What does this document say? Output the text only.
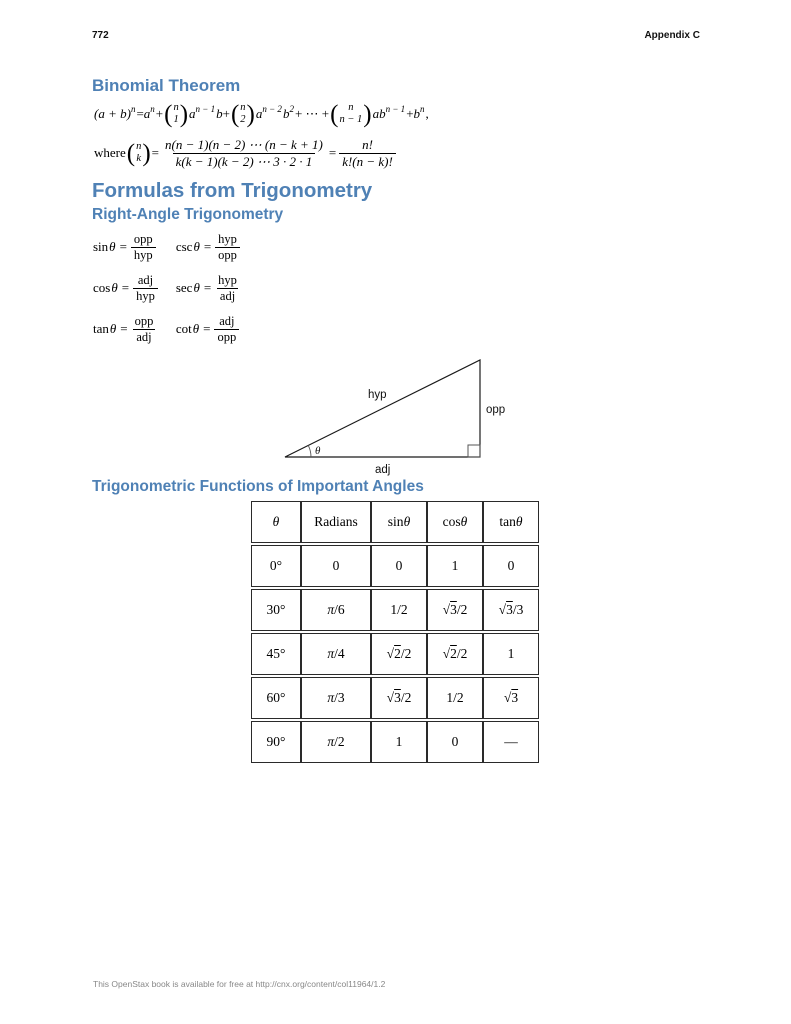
772	Appendix C
Binomial Theorem
$(a + b)^n = a^n$ + ( n
1 ) $a^{n - 1}$ b + ( n
2 ) $a^{n - 2}$ $b^2$ + ⋯ + ( n
n − 1 ) $ab^{n - 1} + b^n$ ,
where ( n
k ) = $\frac{n(n - 1)(n - 2) \cdots (n - k + 1)}{k(k - 1)(k - 2) \cdots 3 \cdot 2 \cdot 1} = \frac{n!}{k!(n - k)!}$
Formulas from Trigonometry
Right-Angle Trigonometry
$\sin \theta = \frac{\text{opp}}{\text{hyp}}$ $\csc \theta = \frac{\text{hyp}}{\text{opp}}$
$\cos \theta = \frac{\text{adj}}{\text{hyp}}$ $\sec \theta = \frac{\text{hyp}}{\text{adj}}$
$\tan \theta = \frac{\text{opp}}{\text{adj}}$ $\cot \theta = \frac{\text{adj}}{\text{opp}}$
hyp
opp
adj
θ
Trigonometric Functions of Important Angles
θ	Radians	sinθ	cosθ	tanθ
0°	0	0	1	0
30°	π/6	1/2	√3/2	√3/3
45°	π/4	√2/2	√2/2	1
60°	π/3	√3/2	1/2	√3
90°	π/2	1	0	—
This OpenStax book is available for free at http://cnx.org/content/col11964/1.2
